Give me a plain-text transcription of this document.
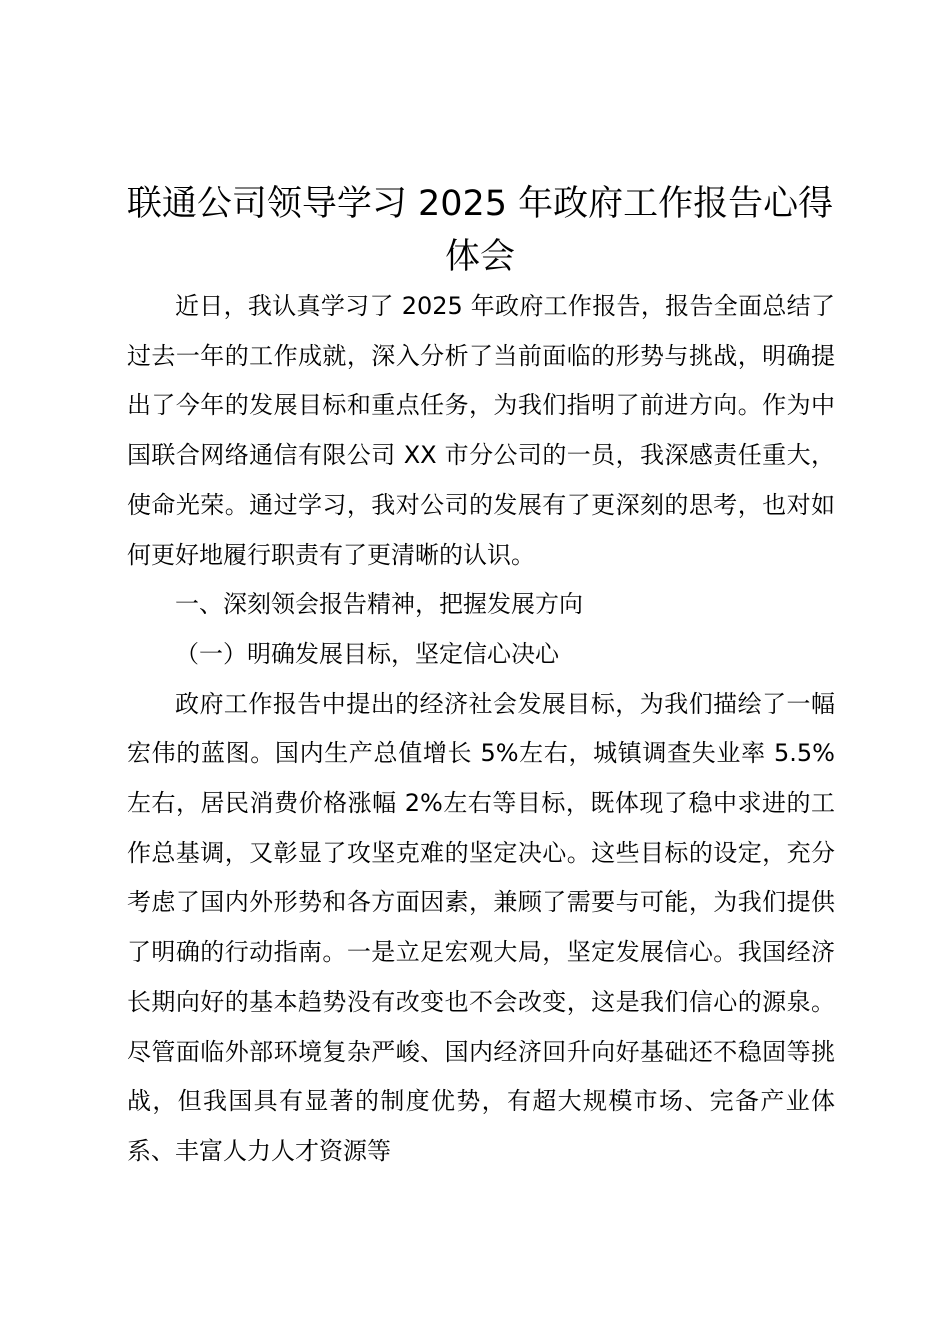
联通公司领导学习 2025 年政府工作报告心得体会

近日，我认真学习了 2025 年政府工作报告，报告全面总结了过去一年的工作成就，深入分析了当前面临的形势与挑战，明确提出了今年的发展目标和重点任务，为我们指明了前进方向。作为中国联合网络通信有限公司 XX 市分公司的一员，我深感责任重大，使命光荣。通过学习，我对公司的发展有了更深刻的思考，也对如何更好地履行职责有了更清晰的认识。

一、深刻领会报告精神，把握发展方向

（一）明确发展目标，坚定信心决心

政府工作报告中提出的经济社会发展目标，为我们描绘了一幅宏伟的蓝图。国内生产总值增长 5%左右，城镇调查失业率 5.5%左右，居民消费价格涨幅 2%左右等目标，既体现了稳中求进的工作总基调，又彰显了攻坚克难的坚定决心。这些目标的设定，充分考虑了国内外形势和各方面因素，兼顾了需要与可能，为我们提供了明确的行动指南。一是立足宏观大局，坚定发展信心。我国经济长期向好的基本趋势没有改变也不会改变，这是我们信心的源泉。尽管面临外部环境复杂严峻、国内经济回升向好基础还不稳固等挑战，但我国具有显著的制度优势，有超大规模市场、完备产业体系、丰富人力人才资源等
